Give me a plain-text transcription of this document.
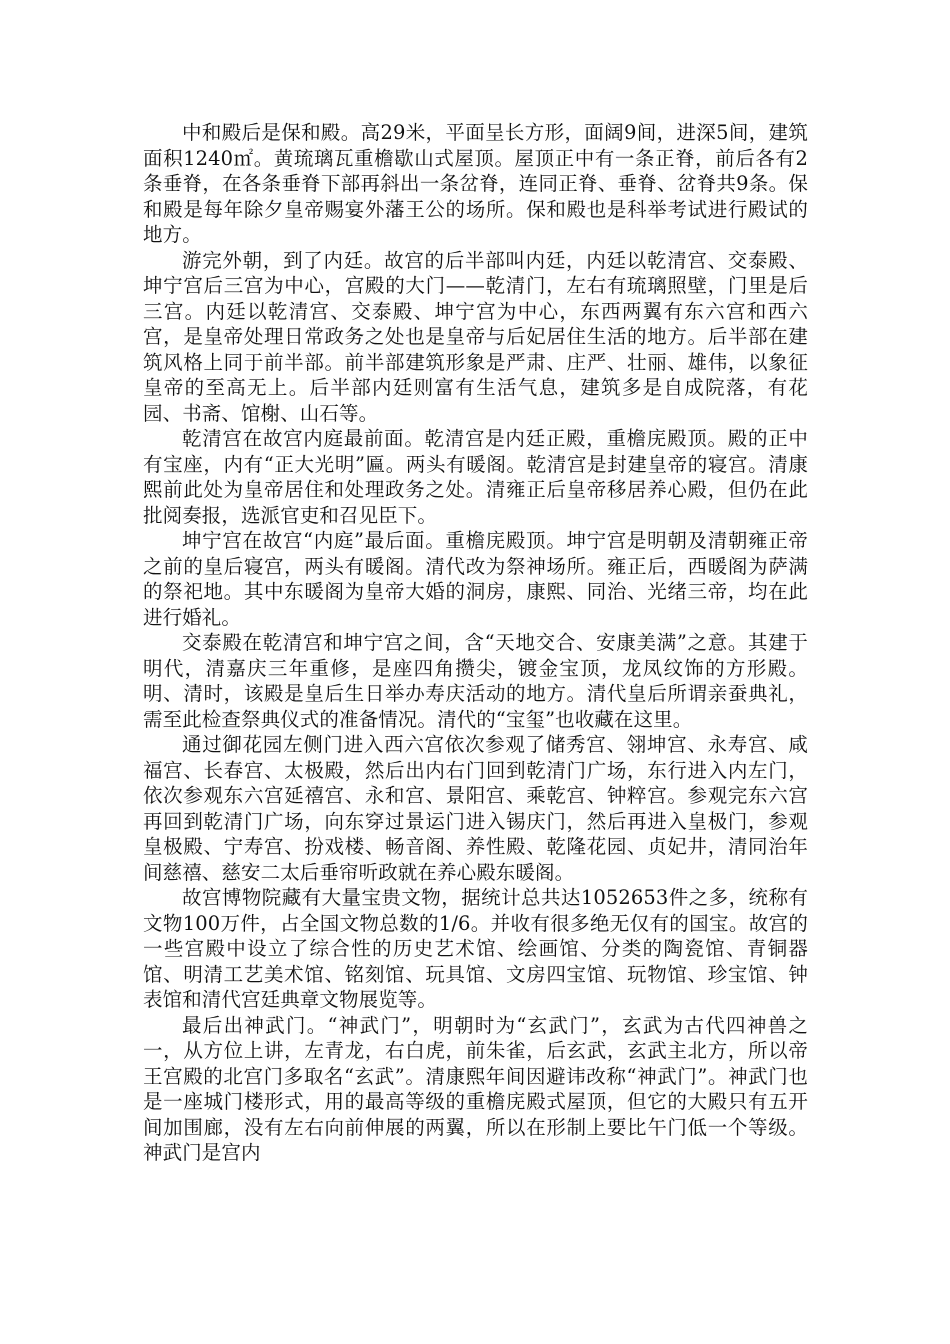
中和殿后是保和殿。高29米，平面呈长方形，面阔9间，进深5间，建筑面积1240㎡。黄琉璃瓦重檐歇山式屋顶。屋顶正中有一条正脊，前后各有2条垂脊，在各条垂脊下部再斜出一条岔脊，连同正脊、垂脊、岔脊共9条。保和殿是每年除夕皇帝赐宴外藩王公的场所。保和殿也是科举考试进行殿试的地方。

游完外朝，到了内廷。故宫的后半部叫内廷，内廷以乾清宫、交泰殿、坤宁宫后三宫为中心，宫殿的大门——乾清门，左右有琉璃照壁，门里是后三宫。内廷以乾清宫、交泰殿、坤宁宫为中心，东西两翼有东六宫和西六宫，是皇帝处理日常政务之处也是皇帝与后妃居住生活的地方。后半部在建筑风格上同于前半部。前半部建筑形象是严肃、庄严、壮丽、雄伟，以象征皇帝的至高无上。后半部内廷则富有生活气息，建筑多是自成院落，有花园、书斋、馆榭、山石等。

乾清宫在故宫内庭最前面。乾清宫是内廷正殿，重檐庑殿顶。殿的正中有宝座，内有“正大光明”匾。两头有暖阁。乾清宫是封建皇帝的寝宫。清康熙前此处为皇帝居住和处理政务之处。清雍正后皇帝移居养心殿，但仍在此批阅奏报，选派官吏和召见臣下。

坤宁宫在故宫“内庭”最后面。重檐庑殿顶。坤宁宫是明朝及清朝雍正帝之前的皇后寝宫，两头有暖阁。清代改为祭神场所。雍正后，西暖阁为萨满的祭祀地。其中东暖阁为皇帝大婚的洞房，康熙、同治、光绪三帝，均在此进行婚礼。

交泰殿在乾清宫和坤宁宫之间，含“天地交合、安康美满”之意。其建于明代，清嘉庆三年重修，是座四角攒尖，镀金宝顶，龙凤纹饰的方形殿。明、清时，该殿是皇后生日举办寿庆活动的地方。清代皇后所谓亲蚕典礼，需至此检查祭典仪式的准备情况。清代的“宝玺”也收藏在这里。

通过御花园左侧门进入西六宫依次参观了储秀宫、翎坤宫、永寿宫、咸福宫、长春宫、太极殿，然后出内右门回到乾清门广场，东行进入内左门，依次参观东六宫延禧宫、永和宫、景阳宫、乘乾宫、钟粹宫。参观完东六宫再回到乾清门广场，向东穿过景运门进入锡庆门，然后再进入皇极门，参观皇极殿、宁寿宫、扮戏楼、畅音阁、养性殿、乾隆花园、贞妃井，清同治年间慈禧、慈安二太后垂帘听政就在养心殿东暖阁。

故宫博物院藏有大量宝贵文物，据统计总共达1052653件之多，统称有文物100万件，占全国文物总数的1/6。并收有很多绝无仅有的国宝。故宫的一些宫殿中设立了综合性的历史艺术馆、绘画馆、分类的陶瓷馆、青铜器馆、明清工艺美术馆、铭刻馆、玩具馆、文房四宝馆、玩物馆、珍宝馆、钟表馆和清代宫廷典章文物展览等。

最后出神武门。“神武门”，明朝时为“玄武门”，玄武为古代四神兽之一，从方位上讲，左青龙，右白虎，前朱雀，后玄武，玄武主北方，所以帝王宫殿的北宫门多取名“玄武”。清康熙年间因避讳改称“神武门”。神武门也是一座城门楼形式，用的最高等级的重檐庑殿式屋顶，但它的大殿只有五开间加围廊，没有左右向前伸展的两翼，所以在形制上要比午门低一个等级。神武门是宫内
